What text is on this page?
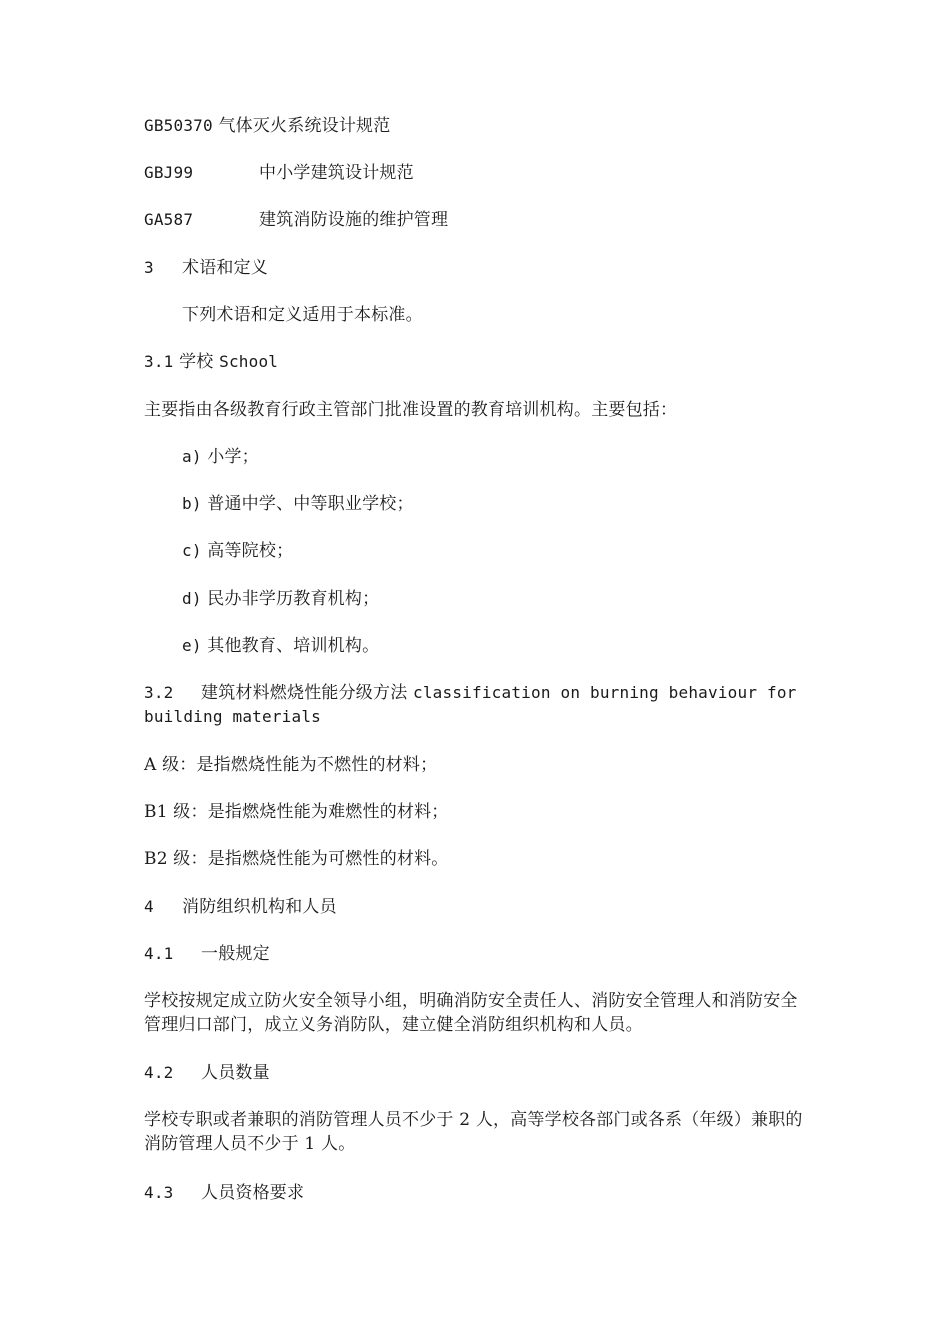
GB50370 气体灭火系统设计规范
GBJ99	中小学建筑设计规范
GA587	建筑消防设施的维护管理
3 术语和定义
下列术语和定义适用于本标准。
3.1 学校 School
主要指由各级教育行政主管部门批准设置的教育培训机构。主要包括：
a) 小学；
b) 普通中学、中等职业学校；
c) 高等院校；
d) 民办非学历教育机构；
e) 其他教育、培训机构。
3.2 建筑材料燃烧性能分级方法 classification on burning behaviour for building materials
A 级：是指燃烧性能为不燃性的材料；
B1 级：是指燃烧性能为难燃性的材料；
B2 级：是指燃烧性能为可燃性的材料。
4 消防组织机构和人员
4.1 一般规定
学校按规定成立防火安全领导小组，明确消防安全责任人、消防安全管理人和消防安全管理归口部门，成立义务消防队，建立健全消防组织机构和人员。
4.2 人员数量
学校专职或者兼职的消防管理人员不少于 2 人，高等学校各部门或各系（年级）兼职的消防管理人员不少于 1 人。
4.3 人员资格要求
